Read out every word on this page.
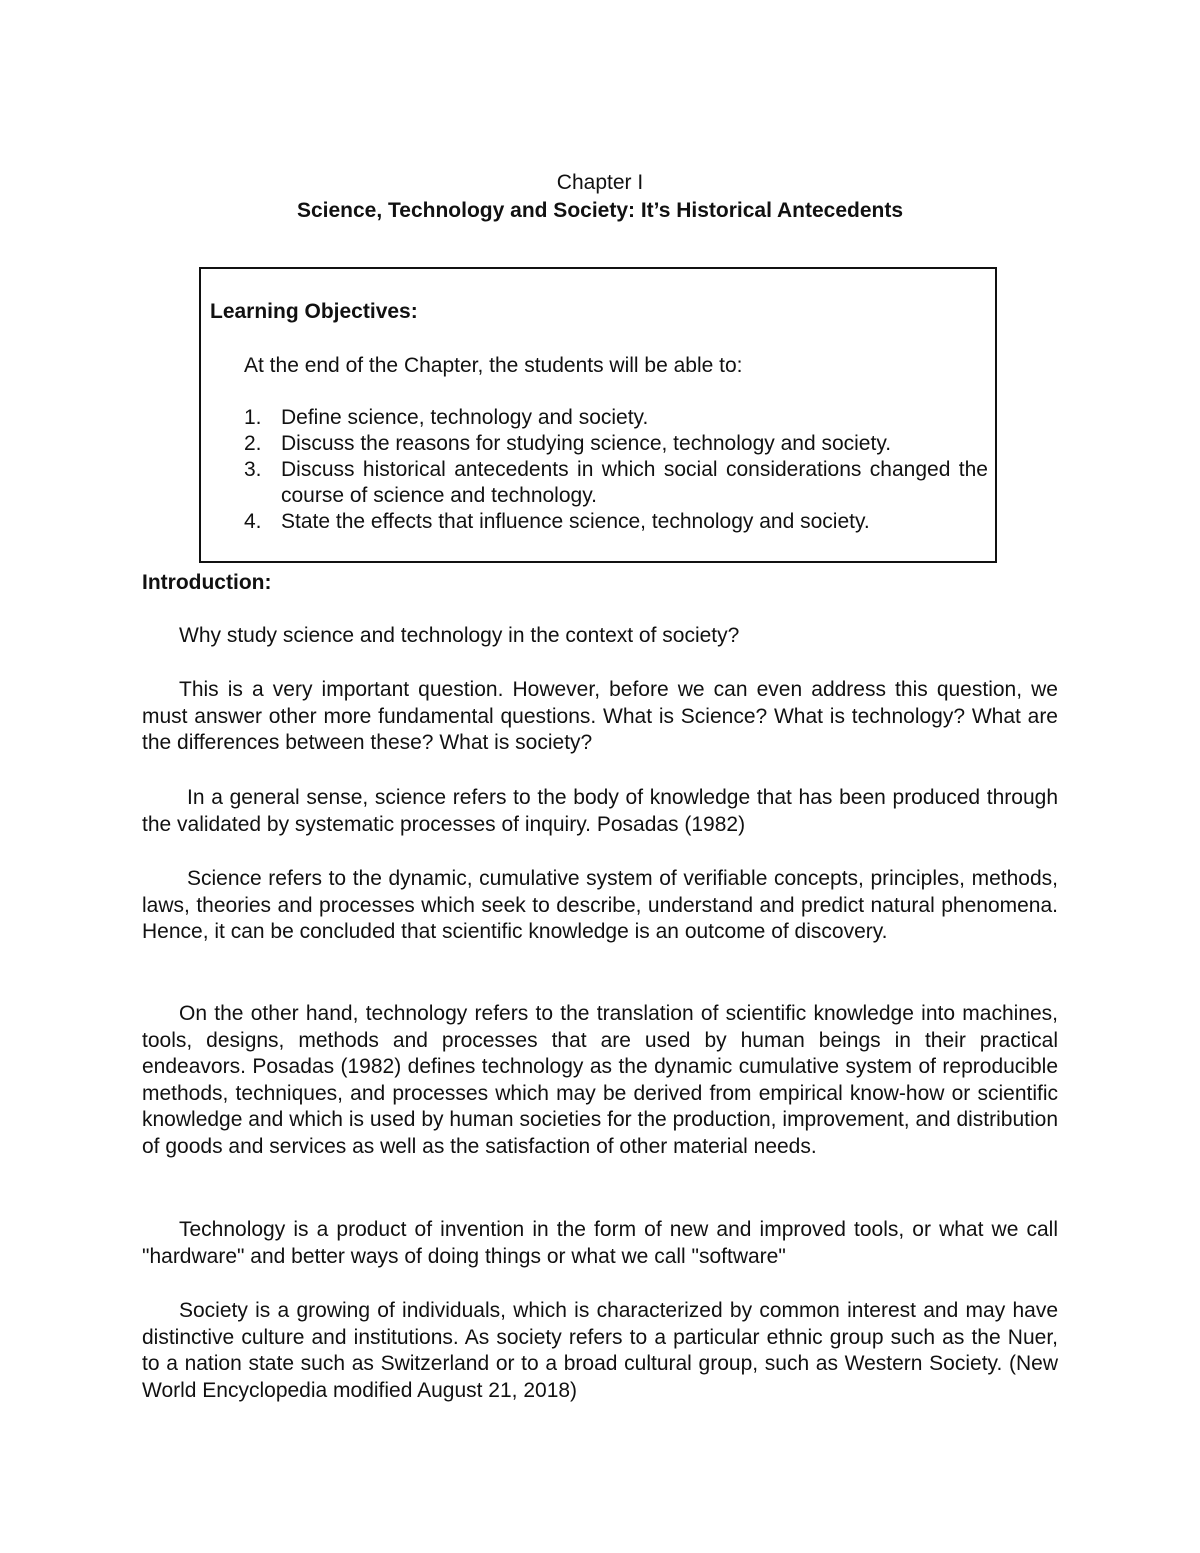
Chapter I
Science, Technology and Society: It’s Historical Antecedents
Learning Objectives:
At the end of the Chapter, the students will be able to:
1. Define science, technology and society.
2. Discuss the reasons for studying science, technology and society.
3. Discuss historical antecedents in which social considerations changed the course of science and technology.
4. State the effects that influence science, technology and society.
Introduction:

Why study science and technology in the context of society?

This is a very important question. However, before we can even address this question, we must answer other more fundamental questions. What is Science? What is technology? What are the differences between these? What is society?

In a general sense, science refers to the body of knowledge that has been produced through the validated by systematic processes of inquiry. Posadas (1982)

Science refers to the dynamic, cumulative system of verifiable concepts, principles, methods, laws, theories and processes which seek to describe, understand and predict natural phenomena. Hence, it can be concluded that scientific knowledge is an outcome of discovery.

On the other hand, technology refers to the translation of scientific knowledge into machines, tools, designs, methods and processes that are used by human beings in their practical endeavors. Posadas (1982) defines technology as the dynamic cumulative system of reproducible methods, techniques, and processes which may be derived from empirical know-how or scientific knowledge and which is used by human societies for the production, improvement, and distribution of goods and services as well as the satisfaction of other material needs.

Technology is a product of invention in the form of new and improved tools, or what we call "hardware" and better ways of doing things or what we call "software"

Society is a growing of individuals, which is characterized by common interest and may have distinctive culture and institutions. As society refers to a particular ethnic group such as the Nuer, to a nation state such as Switzerland or to a broad cultural group, such as Western Society. (New World Encyclopedia modified August 21, 2018)
